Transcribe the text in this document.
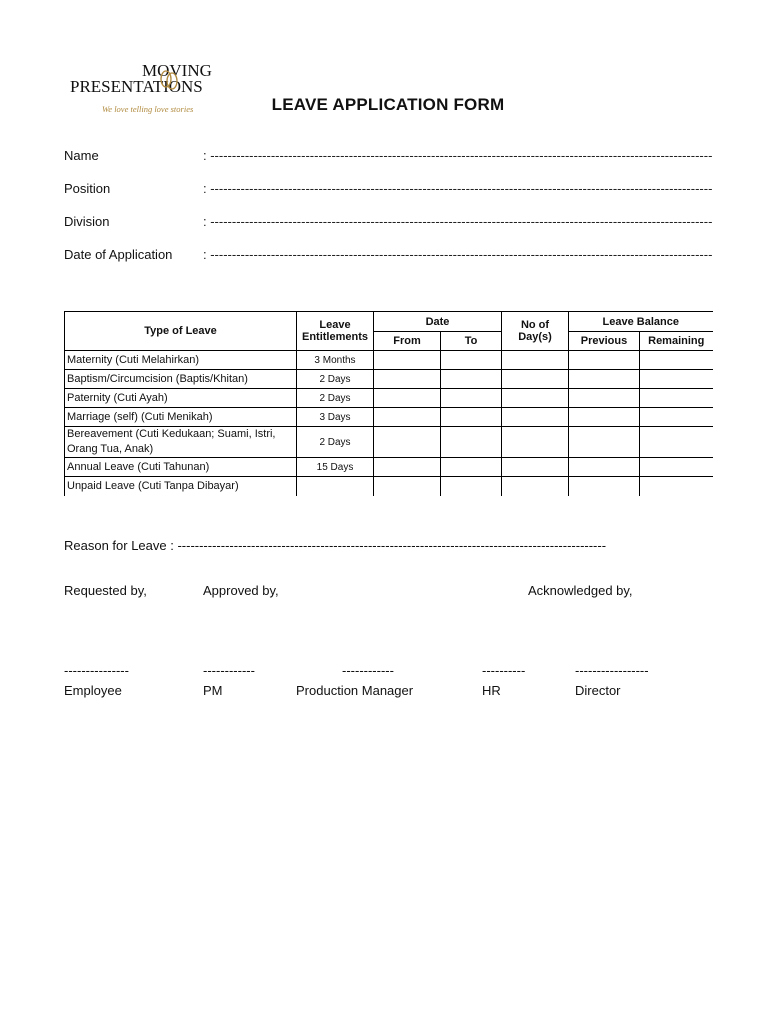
MOVING
PRESENTATIONS
We love telling love stories	LEAVE APPLICATION FORM
Name	: --------------------------------------------------------------------------------------------------------------------
Position	: --------------------------------------------------------------------------------------------------------------------
Division	: --------------------------------------------------------------------------------------------------------------------
Date of Application : --------------------------------------------------------------------------------------------------------------------
Type of Leave	Leave Entitlements	Date		No of Day(s)	Leave Balance	
		From	To		Previous	Remaining
Maternity (Cuti Melahirkan)	3 Months					
Baptism/Circumcision (Baptis/Khitan)	2 Days					
Paternity (Cuti Ayah)	2 Days					
Marriage (self) (Cuti Menikah)	3 Days					
Bereavement (Cuti Kedukaan; Suami, Istri, Orang Tua, Anak)	2 Days					
Annual Leave (Cuti Tahunan)	15 Days					
Unpaid Leave (Cuti Tanpa Dibayar)						
Reason for Leave : ---------------------------------------------------------------------------------------------------
Requested by,	Approved by,	Acknowledged by,
---------------	------------	------------	----------	-----------------
Employee	PM	Production Manager	HR	Director
